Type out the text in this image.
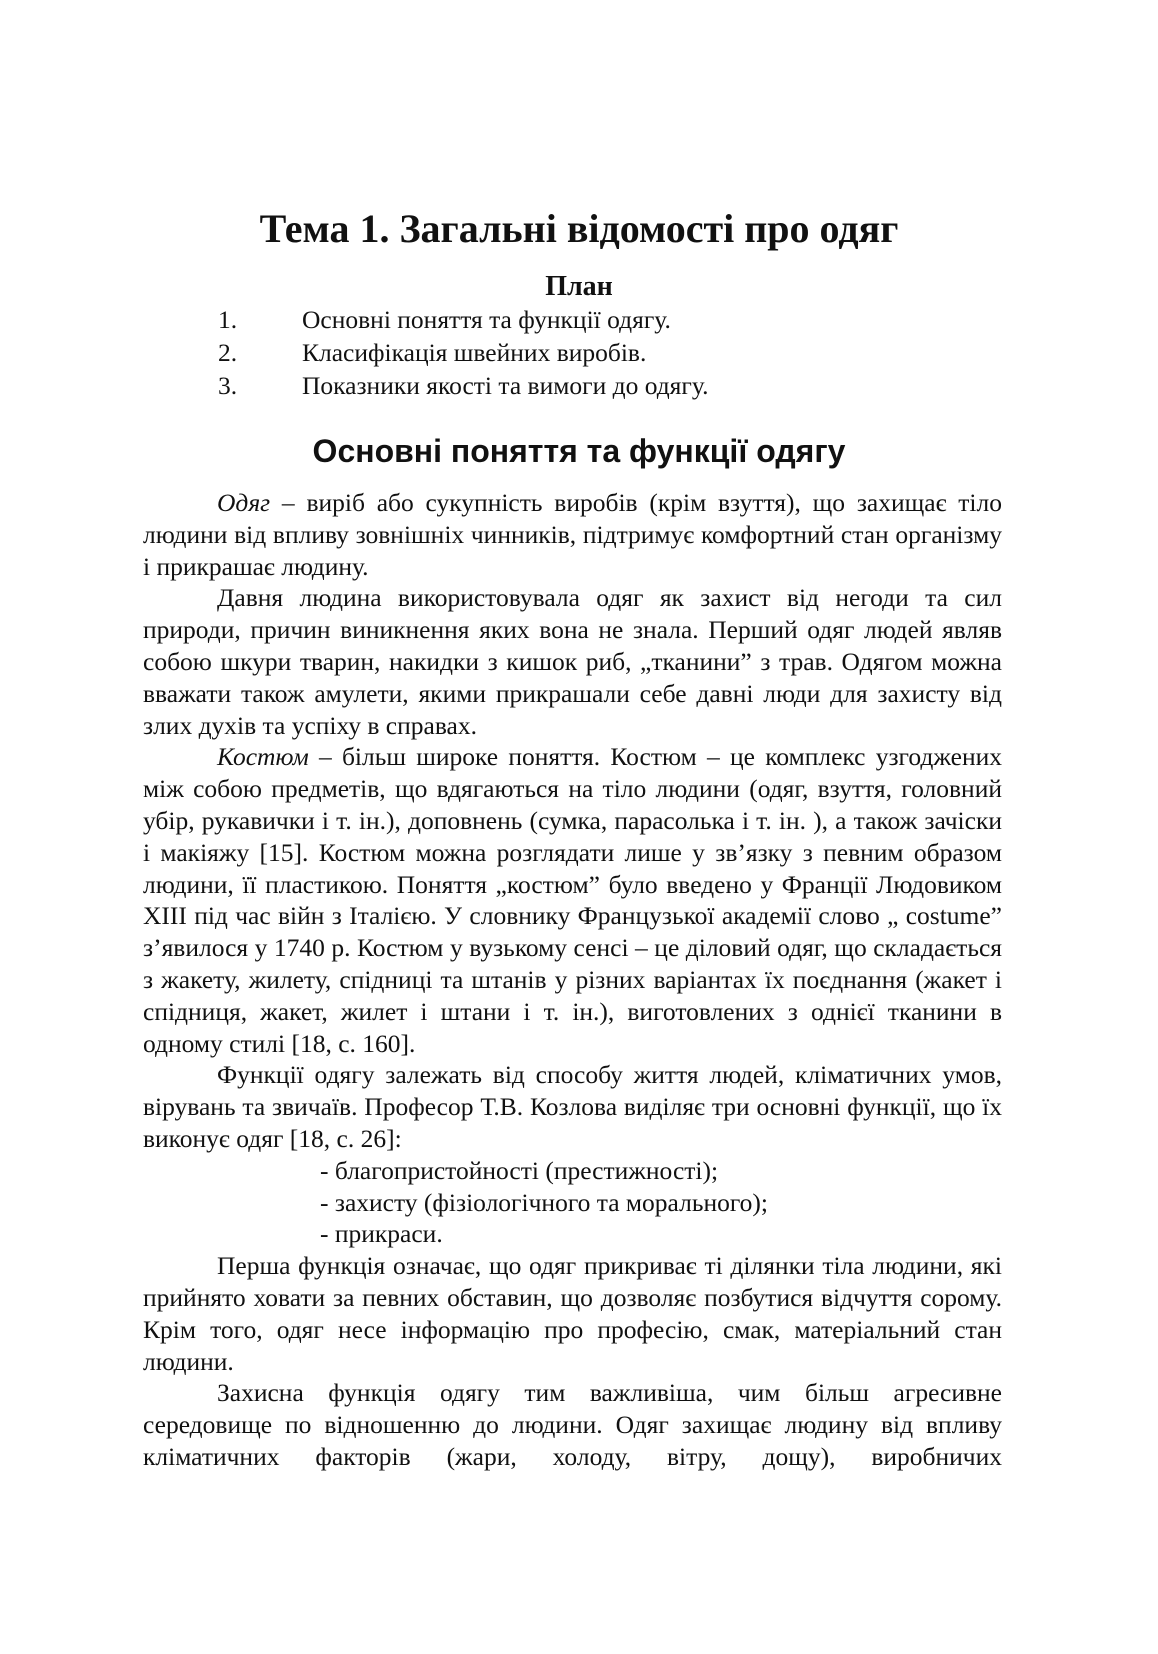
Тема 1. Загальні відомості про одяг
План
1.	Основні поняття та функції одягу.
2.	Класифікація швейних виробів.
3.	Показники якості та вимоги до одягу.
Основні поняття та функції одягу

Одяг – виріб або сукупність виробів (крім взуття), що захищає тіло людини від впливу зовнішніх чинників, підтримує комфортний стан організму і прикрашає людину.

Давня людина використовувала одяг як захист від негоди та сил природи, причин виникнення яких вона не знала. Перший одяг людей являв собою шкури тварин, накидки з кишок риб, „тканини” з трав. Одягом можна вважати також амулети, якими прикрашали себе давні люди для захисту від злих духів та успіху в справах.

Костюм – більш широке поняття. Костюм – це комплекс узгоджених між собою предметів, що вдягаються на тіло людини (одяг, взуття, головний убір, рукавички і т. ін.), доповнень (сумка, парасолька і т. ін. ), а також зачіски і макіяжу [15]. Костюм можна розглядати лише у зв’язку з певним образом людини, її пластикою. Поняття „костюм” було введено у Франції Людовиком XIII під час війн з Італією. У словнику Французької академії слово „ costume” з’явилося у 1740 р. Костюм у вузькому сенсі – це діловий одяг, що складається з жакету, жилету, спідниці та штанів у різних варіантах їх поєднання (жакет і спідниця, жакет, жилет і штани і т. ін.), виготовлених з однієї тканини в одному стилі [18, с. 160].

Функції одягу залежать від способу життя людей, кліматичних умов, вірувань та звичаїв. Професор Т.В. Козлова виділяє три основні функції, що їх виконує одяг [18, с. 26]:

- благопристойності (престижності);
- захисту (фізіологічного та морального);
- прикраси.

Перша функція означає, що одяг прикриває ті ділянки тіла людини, які прийнято ховати за певних обставин, що дозволяє позбутися відчуття сорому. Крім того, одяг несе інформацію про професію, смак, матеріальний стан людини.

Захисна функція одягу тим важливіша, чим більш агресивне середовище по відношенню до людини. Одяг захищає людину від впливу кліматичних факторів (жари, холоду, вітру, дощу), виробничих
